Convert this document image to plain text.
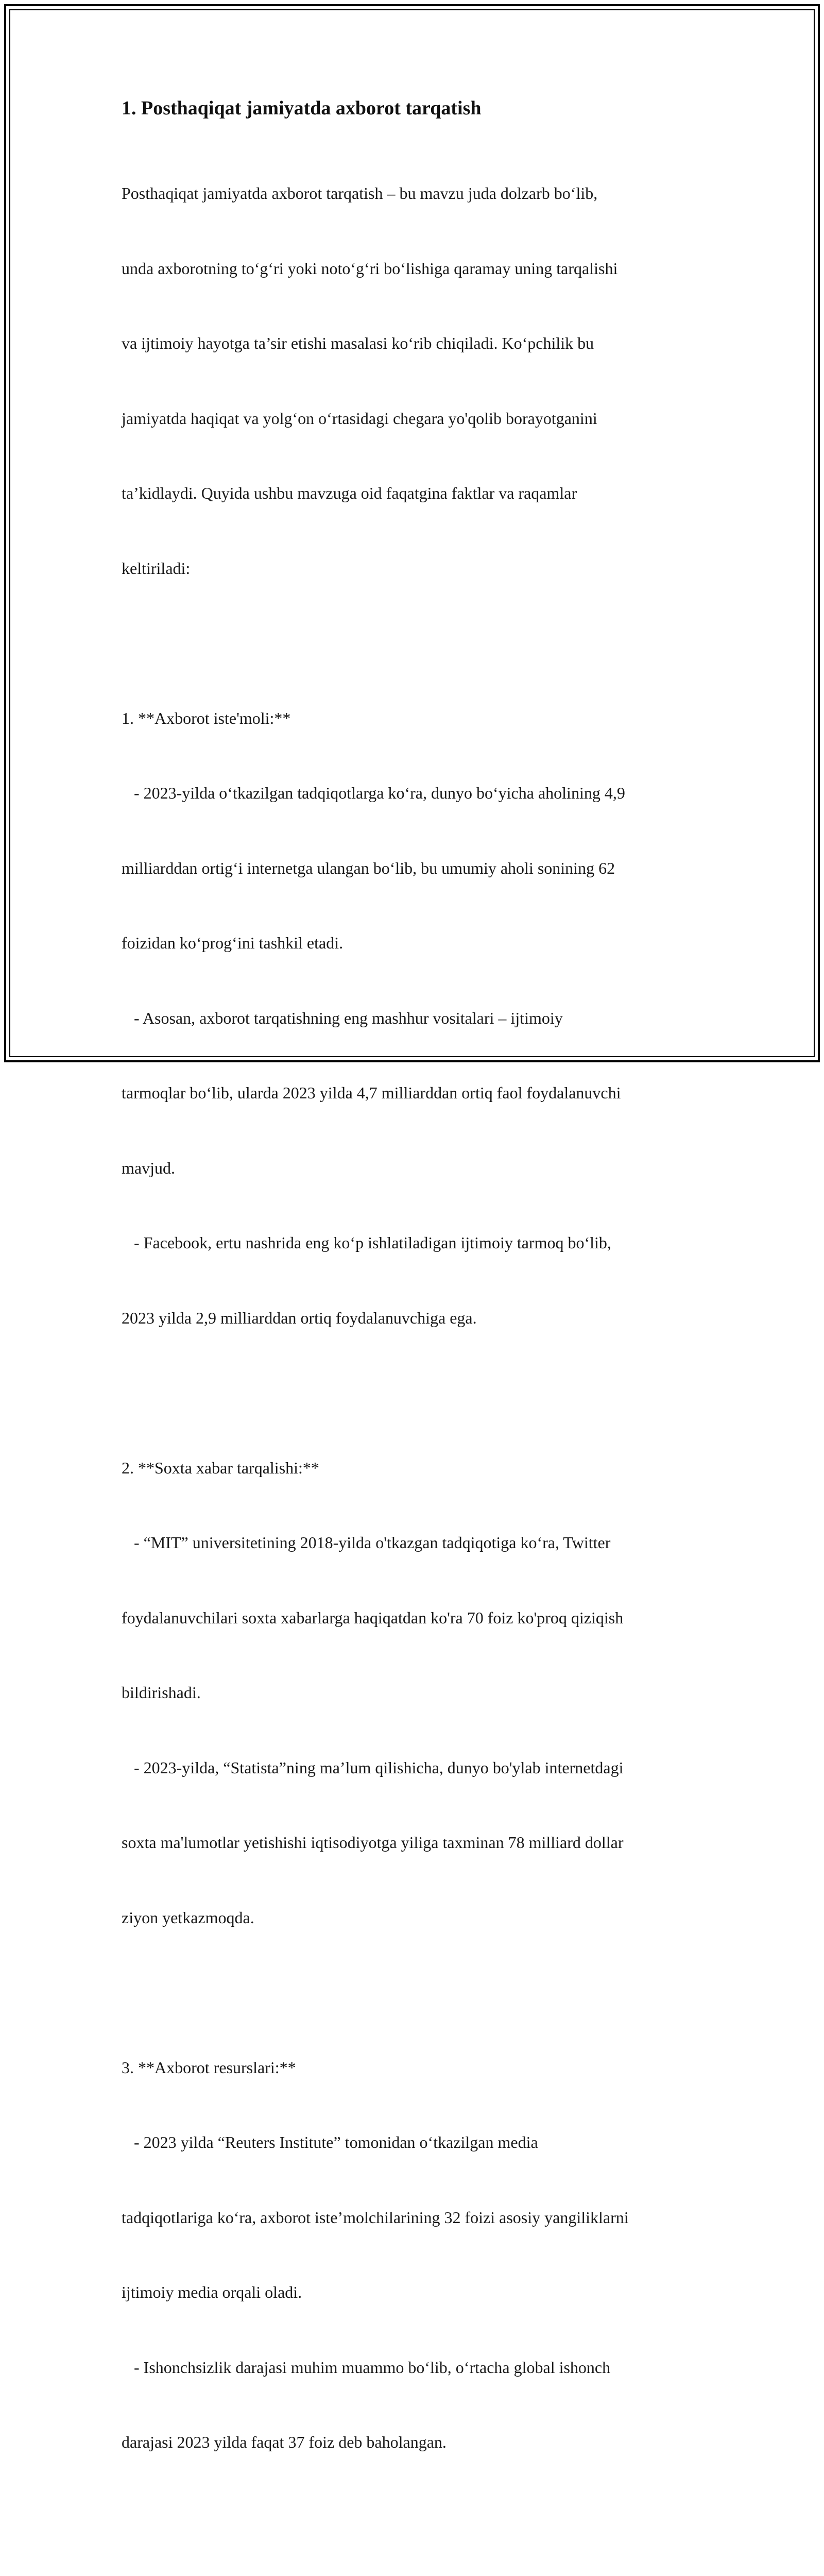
1. Posthaqiqat jamiyatda axborot tarqatish

Posthaqiqat jamiyatda axborot tarqatish – bu mavzu juda dolzarb bo‘lib,

unda axborotning to‘g‘ri yoki noto‘g‘ri bo‘lishiga qaramay uning tarqalishi

va ijtimoiy hayotga ta’sir etishi masalasi ko‘rib chiqiladi. Ko‘pchilik bu

jamiyatda haqiqat va yolg‘on o‘rtasidagi chegara yo'qolib borayotganini

ta’kidlaydi. Quyida ushbu mavzuga oid faqatgina faktlar va raqamlar

keltiriladi:

1. **Axborot iste'moli:**

- 2023-yilda o‘tkazilgan tadqiqotlarga ko‘ra, dunyo bo‘yicha aholining 4,9

milliarddan ortig‘i internetga ulangan bo‘lib, bu umumiy aholi sonining 62

foizidan ko‘prog‘ini tashkil etadi.

- Asosan, axborot tarqatishning eng mashhur vositalari – ijtimoiy

tarmoqlar bo‘lib, ularda 2023 yilda 4,7 milliarddan ortiq faol foydalanuvchi

mavjud.

- Facebook, ertu nashrida eng ko‘p ishlatiladigan ijtimoiy tarmoq bo‘lib,

2023 yilda 2,9 milliarddan ortiq foydalanuvchiga ega.

2. **Soxta xabar tarqalishi:**

- “MIT” universitetining 2018-yilda o'tkazgan tadqiqotiga ko‘ra, Twitter

foydalanuvchilari soxta xabarlarga haqiqatdan ko'ra 70 foiz ko'proq qiziqish

bildirishadi.

- 2023-yilda, “Statista”ning ma’lum qilishicha, dunyo bo'ylab internetdagi

soxta ma'lumotlar yetishishi iqtisodiyotga yiliga taxminan 78 milliard dollar

ziyon yetkazmoqda.

3. **Axborot resurslari:**

- 2023 yilda “Reuters Institute” tomonidan o‘tkazilgan media

tadqiqotlariga ko‘ra, axborot iste’molchilarining 32 foizi asosiy yangiliklarni

ijtimoiy media orqali oladi.

- Ishonchsizlik darajasi muhim muammo bo‘lib, o‘rtacha global ishonch

darajasi 2023 yilda faqat 37 foiz deb baholangan.
